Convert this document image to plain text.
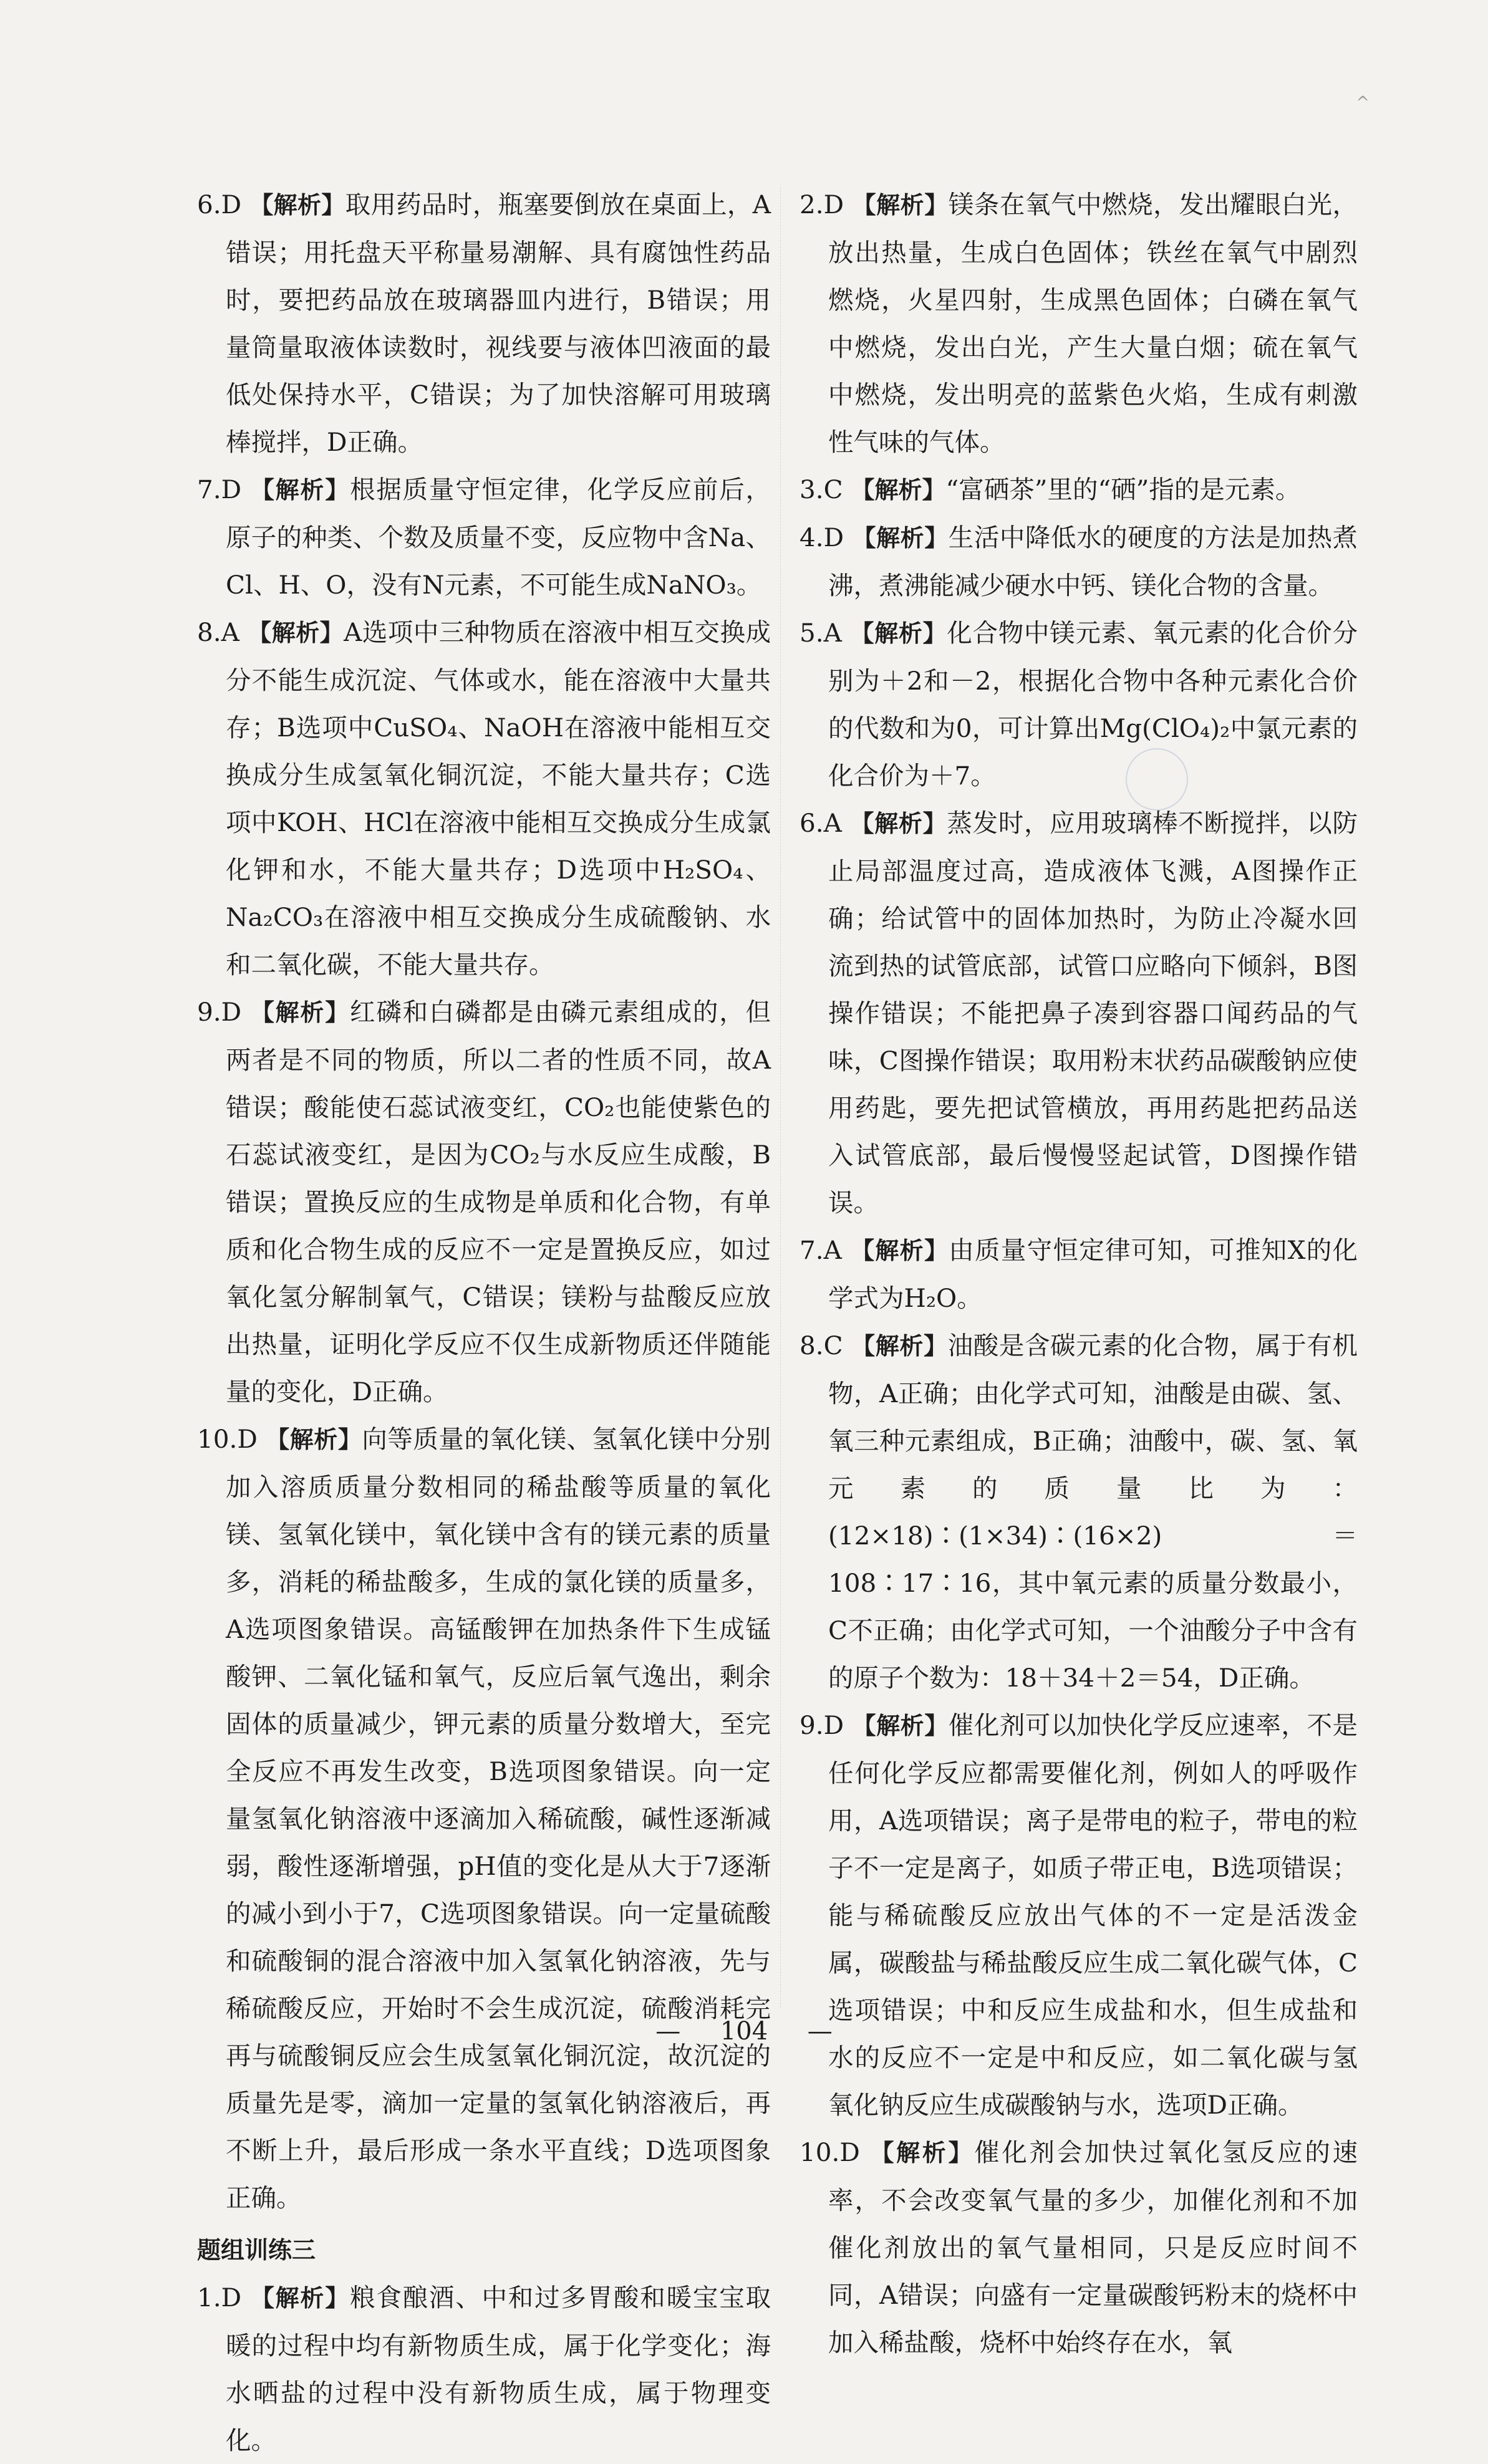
^
6.D 【解析】取用药品时，瓶塞要倒放在桌面上，A错误；用托盘天平称量易潮解、具有腐蚀性药品时，要把药品放在玻璃器皿内进行，B错误；用量筒量取液体读数时，视线要与液体凹液面的最低处保持水平，C错误；为了加快溶解可用玻璃棒搅拌，D正确。
7.D 【解析】根据质量守恒定律，化学反应前后，原子的种类、个数及质量不变，反应物中含Na、Cl、H、O，没有N元素，不可能生成NaNO₃。
8.A 【解析】A选项中三种物质在溶液中相互交换成分不能生成沉淀、气体或水，能在溶液中大量共存；B选项中CuSO₄、NaOH在溶液中能相互交换成分生成氢氧化铜沉淀，不能大量共存；C选项中KOH、HCl在溶液中能相互交换成分生成氯化钾和水，不能大量共存；D选项中H₂SO₄、Na₂CO₃在溶液中相互交换成分生成硫酸钠、水和二氧化碳，不能大量共存。
9.D 【解析】红磷和白磷都是由磷元素组成的，但两者是不同的物质，所以二者的性质不同，故A错误；酸能使石蕊试液变红，CO₂也能使紫色的石蕊试液变红，是因为CO₂与水反应生成酸，B错误；置换反应的生成物是单质和化合物，有单质和化合物生成的反应不一定是置换反应，如过氧化氢分解制氧气，C错误；镁粉与盐酸反应放出热量，证明化学反应不仅生成新物质还伴随能量的变化，D正确。
10.D 【解析】向等质量的氧化镁、氢氧化镁中分别加入溶质质量分数相同的稀盐酸等质量的氧化镁、氢氧化镁中，氧化镁中含有的镁元素的质量多，消耗的稀盐酸多，生成的氯化镁的质量多，A选项图象错误。高锰酸钾在加热条件下生成锰酸钾、二氧化锰和氧气，反应后氧气逸出，剩余固体的质量减少，钾元素的质量分数增大，至完全反应不再发生改变，B选项图象错误。向一定量氢氧化钠溶液中逐滴加入稀硫酸，碱性逐渐减弱，酸性逐渐增强，pH值的变化是从大于7逐渐的减小到小于7，C选项图象错误。向一定量硫酸和硫酸铜的混合溶液中加入氢氧化钠溶液，先与稀硫酸反应，开始时不会生成沉淀，硫酸消耗完再与硫酸铜反应会生成氢氧化铜沉淀，故沉淀的质量先是零，滴加一定量的氢氧化钠溶液后，再不断上升，最后形成一条水平直线；D选项图象正确。
题组训练三
1.D 【解析】粮食酿酒、中和过多胃酸和暖宝宝取暖的过程中均有新物质生成，属于化学变化；海水晒盐的过程中没有新物质生成，属于物理变化。
2.D 【解析】镁条在氧气中燃烧，发出耀眼白光，放出热量，生成白色固体；铁丝在氧气中剧烈燃烧，火星四射，生成黑色固体；白磷在氧气中燃烧，发出白光，产生大量白烟；硫在氧气中燃烧，发出明亮的蓝紫色火焰，生成有刺激性气味的气体。
3.C 【解析】“富硒茶”里的“硒”指的是元素。
4.D 【解析】生活中降低水的硬度的方法是加热煮沸，煮沸能减少硬水中钙、镁化合物的含量。
5.A 【解析】化合物中镁元素、氧元素的化合价分别为＋2和－2，根据化合物中各种元素化合价的代数和为0，可计算出Mg(ClO₄)₂中氯元素的化合价为＋7。
6.A 【解析】蒸发时，应用玻璃棒不断搅拌，以防止局部温度过高，造成液体飞溅，A图操作正确；给试管中的固体加热时，为防止冷凝水回流到热的试管底部，试管口应略向下倾斜，B图操作错误；不能把鼻子凑到容器口闻药品的气味，C图操作错误；取用粉末状药品碳酸钠应使用药匙，要先把试管横放，再用药匙把药品送入试管底部，最后慢慢竖起试管，D图操作错误。
7.A 【解析】由质量守恒定律可知，可推知X的化学式为H₂O。
8.C 【解析】油酸是含碳元素的化合物，属于有机物，A正确；由化学式可知，油酸是由碳、氢、氧三种元素组成，B正确；油酸中，碳、氢、氧元素的质量比为：(12×18)∶(1×34)∶(16×2)＝108∶17∶16，其中氧元素的质量分数最小，C不正确；由化学式可知，一个油酸分子中含有的原子个数为：18＋34＋2＝54，D正确。
9.D 【解析】催化剂可以加快化学反应速率，不是任何化学反应都需要催化剂，例如人的呼吸作用，A选项错误；离子是带电的粒子，带电的粒子不一定是离子，如质子带正电，B选项错误；能与稀硫酸反应放出气体的不一定是活泼金属，碳酸盐与稀盐酸反应生成二氧化碳气体，C选项错误；中和反应生成盐和水，但生成盐和水的反应不一定是中和反应，如二氧化碳与氢氧化钠反应生成碳酸钠与水，选项D正确。
10.D 【解析】催化剂会加快过氧化氢反应的速率，不会改变氧气量的多少，加催化剂和不加催化剂放出的氧气量相同，只是反应时间不同，A错误；向盛有一定量碳酸钙粉末的烧杯中加入稀盐酸，烧杯中始终存在水，氧
— 104 —
